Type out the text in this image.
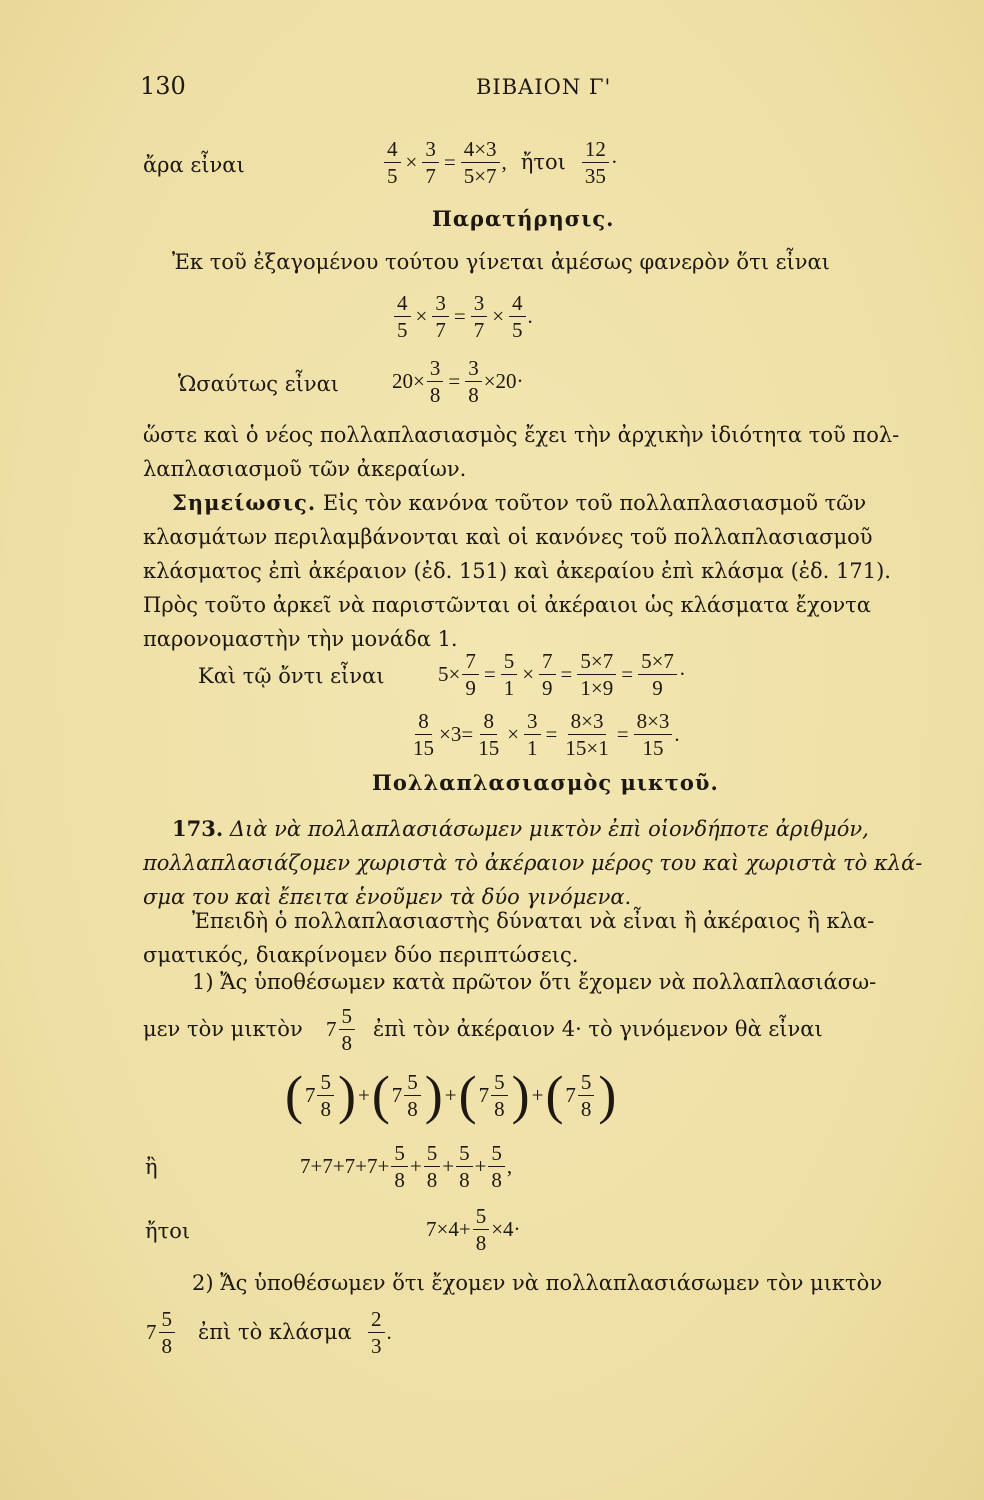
130	ΒΙΒΑΙΟΝ Γ'
ἄρα εἶναι	$\frac{4}{5} \times \frac{3}{7} = \frac{4\times 3}{5\times 7}$ , ἤτοι
12
35
·
Παρατήρησις.
Ἐκ τοῦ ἐξαγομένου τούτου γίνεται ἀμέσως φανερὸν ὅτι εἶναι
$\frac{4}{5} \times \frac{3}{7} = \frac{3}{7} \times \frac{4}{5}$ .
Ὡσαύτως εἶναι	$20\times \frac{3}{8} = \frac{3}{8} \times 20\cdot$
ὥστε καὶ ὁ νέος πολλαπλασιασμὸς ἔχει τὴν ἀρχικὴν ἰδιότητα τοῦ πολ-
λαπλασιασμοῦ τῶν ἀκεραίων.
Σημείωσις. Εἰς τὸν κανόνα τοῦτον τοῦ πολλαπλασιασμοῦ τῶν
κλασμάτων περιλαμβάνονται καὶ οἱ κανόνες τοῦ πολλαπλασιασμοῦ
κλάσματος ἐπὶ ἀκέραιον (ἐδ. 151) καὶ ἀκεραίου ἐπὶ κλάσμα (ἐδ. 171).
Πρὸς τοῦτο ἀρκεῖ νὰ παριστῶνται οἱ ἀκέραιοι ὡς κλάσματα ἔχοντα
παρονομαστὴν τὴν μονάδα 1.
Καὶ τῷ ὄντι εἶναι	$5\times \frac{7}{9} = \frac{5}{1} \times \frac{7}{9} = \frac{5\times 7}{1\times 9} = \frac{5\times 7}{9}$ ·
$\frac{8}{15} \times 3= \frac{8}{15} \times \frac{3}{1} = \frac{8\times 3}{15\times 1} = \frac{8\times 3}{15}$ .
Πολλαπλασιασμὸς μικτοῦ.
173. Διὰ νὰ πολλαπλασιάσωμεν μικτὸν ἐπὶ οἱονδήποτε ἀριθμόν,
πολλαπλασιάζομεν χωριστὰ τὸ ἀκέραιον μέρος του καὶ χωριστὰ τὸ κλά-
σμα του καὶ ἔπειτα ἑνοῦμεν τὰ δύο γινόμενα.
Ἐπειδὴ ὁ πολλαπλασιαστὴς δύναται νὰ εἶναι ἢ ἀκέραιος ἢ κλα-
σματικός, διακρίνομεν δύο περιπτώσεις.
1) Ἄς ὑποθέσωμεν κατὰ πρῶτον ὅτι ἔχομεν νὰ πολλαπλασιάσω-
μεν τὸν μικτὸν 7
5
8
ἐπὶ τὸν ἀκέραιον 4· τὸ γινόμενον θὰ εἶναι
( 7
5
8 ) + ( 7
5
8 ) + ( 7
5
8 ) + ( 7
5
8 )
ἢ	$7+7+7+7+ \frac{5}{8} + \frac{5}{8} + \frac{5}{8} + \frac{5}{8}$ ,
ἤτοι	$7\times 4+ \frac{5}{8} \times 4\cdot$
2) Ἄς ὑποθέσωμεν ὅτι ἔχομεν νὰ πολλαπλασιάσωμεν τὸν μικτὸν
7
5
8
ἐπὶ τὸ κλάσμα
2
3
.
